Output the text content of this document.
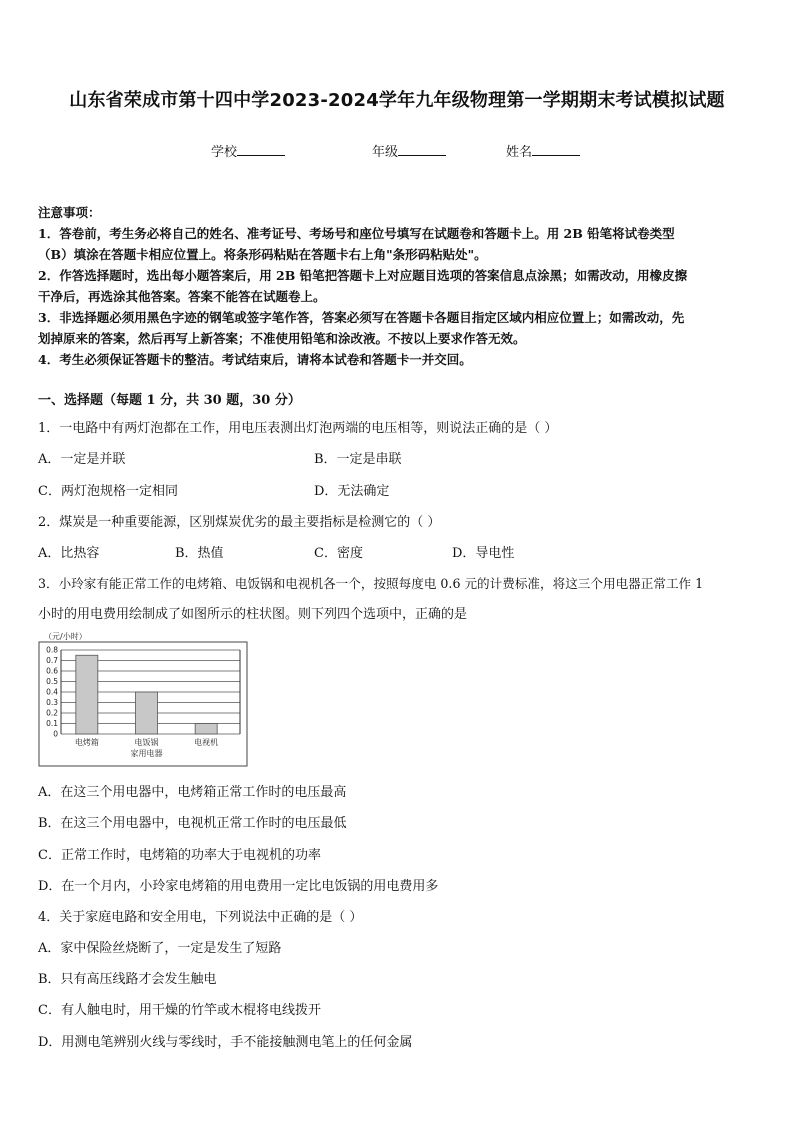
山东省荣成市第十四中学2023-2024学年九年级物理第一学期期末考试模拟试题
学校	年级	姓名
注意事项：
1．答卷前，考生务必将自己的姓名、准考证号、考场号和座位号填写在试题卷和答题卡上。用 2B 铅笔将试卷类型
（B）填涂在答题卡相应位置上。将条形码粘贴在答题卡右上角"条形码粘贴处"。
2．作答选择题时，选出每小题答案后，用 2B 铅笔把答题卡上对应题目选项的答案信息点涂黑；如需改动，用橡皮擦
干净后，再选涂其他答案。答案不能答在试题卷上。
3．非选择题必须用黑色字迹的钢笔或签字笔作答，答案必须写在答题卡各题目指定区域内相应位置上；如需改动，先
划掉原来的答案，然后再写上新答案；不准使用铅笔和涂改液。不按以上要求作答无效。
4．考生必须保证答题卡的整洁。考试结束后，请将本试卷和答题卡一并交回。
一、选择题（每题 1 分，共 30 题，30 分）
1．一电路中有两灯泡都在工作，用电压表测出灯泡两端的电压相等，则说法正确的是（ ）
A．一定是并联	B．一定是串联
C．两灯泡规格一定相同	D．无法确定
2．煤炭是一种重要能源，区别煤炭优劣的最主要指标是检测它的（ ）
A．比热容	B．热值	C．密度	D．导电性
3．小玲家有能正常工作的电烤箱、电饭锅和电视机各一个，按照每度电 0.6 元的计费标准，将这三个用电器正常工作 1
小时的用电费用绘制成了如图所示的柱状图。则下列四个选项中，正确的是
（元/小时）
0.8
0.7
0.6
0.5
0.4
0.3
0.2
0.1
0
电烤箱	电饭锅	电视机
家用电器
A．在这三个用电器中，电烤箱正常工作时的电压最高
B．在这三个用电器中，电视机正常工作时的电压最低
C．正常工作时，电烤箱的功率大于电视机的功率
D．在一个月内，小玲家电烤箱的用电费用一定比电饭锅的用电费用多
4．关于家庭电路和安全用电，下列说法中正确的是（ ）
A．家中保险丝烧断了，一定是发生了短路
B．只有高压线路才会发生触电
C．有人触电时，用干燥的竹竿或木棍将电线拨开
D．用测电笔辨别火线与零线时，手不能接触测电笔上的任何金属
